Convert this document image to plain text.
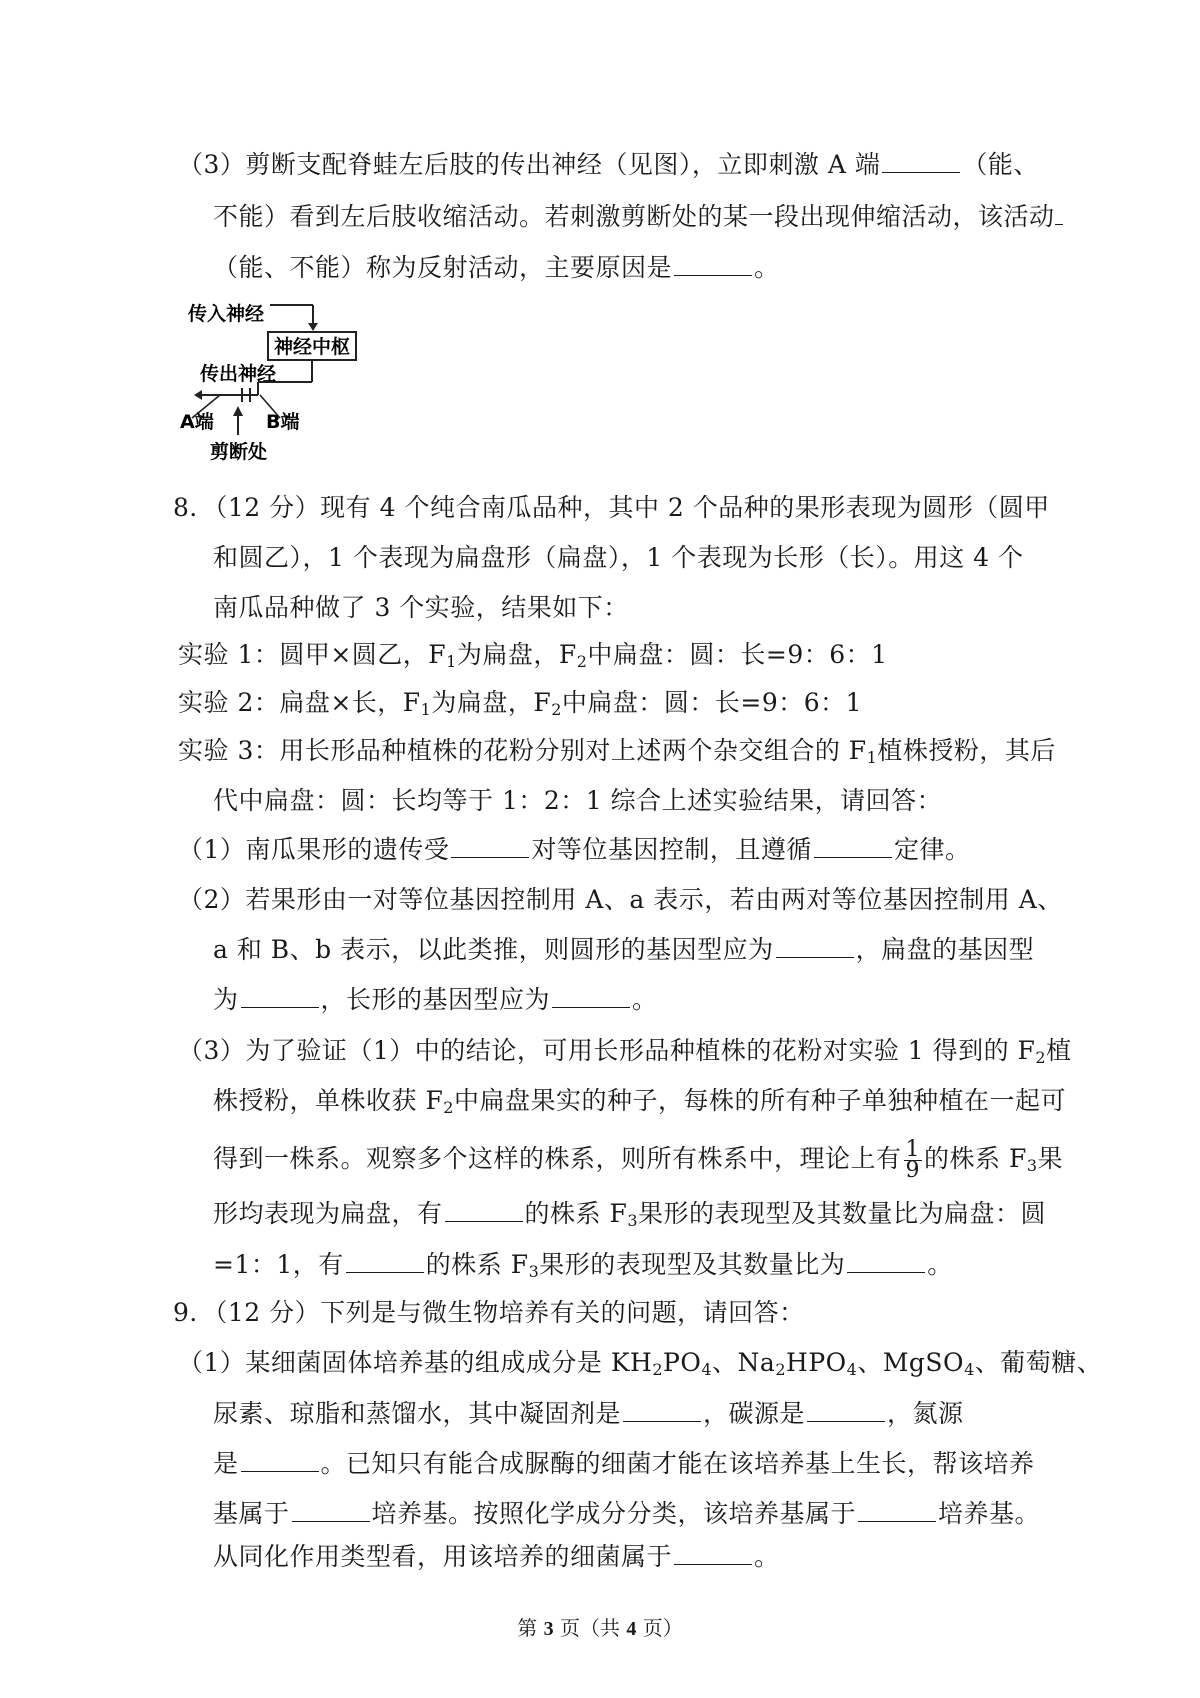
（3）剪断支配脊蛙左后肢的传出神经（见图），立即刺激 A 端	（能、
不能）看到左后肢收缩活动。若刺激剪断处的某一段出现伸缩活动，该活动
（能、不能）称为反射活动，主要原因是	。
传入神经
神经中枢
传出神经
A端	B端
剪断处
8．（12 分）现有 4 个纯合南瓜品种，其中 2 个品种的果形表现为圆形（圆甲
和圆乙），1 个表现为扁盘形（扁盘），1 个表现为长形（长）。用这 4 个
南瓜品种做了 3 个实验，结果如下：
实验 1：圆甲×圆乙，$F_1$为扁盘，$F_2$中扁盘：圆：长=9：6：1
实验 2：扁盘×长，$F_1$为扁盘，$F_2$中扁盘：圆：长=9：6：1
实验 3：用长形品种植株的花粉分别对上述两个杂交组合的 $F_1$植株授粉，其后
代中扁盘：圆：长均等于 1：2：1 综合上述实验结果，请回答：
（1）南瓜果形的遗传受	对等位基因控制，且遵循	定律。
（2）若果形由一对等位基因控制用 A、a 表示，若由两对等位基因控制用 A、
a 和 B、b 表示，以此类推，则圆形的基因型应为	，扁盘的基因型
为	，长形的基因型应为	。
（3）为了验证（1）中的结论，可用长形品种植株的花粉对实验 1 得到的 $F_2$植
株授粉，单株收获 $F_2$中扁盘果实的种子，每株的所有种子单独种植在一起可
得到一株系。观察多个这样的株系，则所有株系中，理论上有 $\frac{1}{9}$ 的株系 $F_3$果
形均表现为扁盘，有	的株系 $F_3$果形的表现型及其数量比为扁盘：圆
=1：1，有	的株系 $F_3$果形的表现型及其数量比为	。
9．（12 分）下列是与微生物培养有关的问题，请回答：
（1）某细菌固体培养基的组成成分是 $KH_2PO_4$、$Na_2HPO_4$、MgSO$_4$、葡萄糖、
尿素、琼脂和蒸馏水，其中凝固剂是	，碳源是	，氮源
是	。已知只有能合成脲酶的细菌才能在该培养基上生长，帮该培养
基属于	培养基。按照化学成分分类，该培养基属于	培养基。
从同化作用类型看，用该培养的细菌属于	。
第 3 页（共 4 页）
